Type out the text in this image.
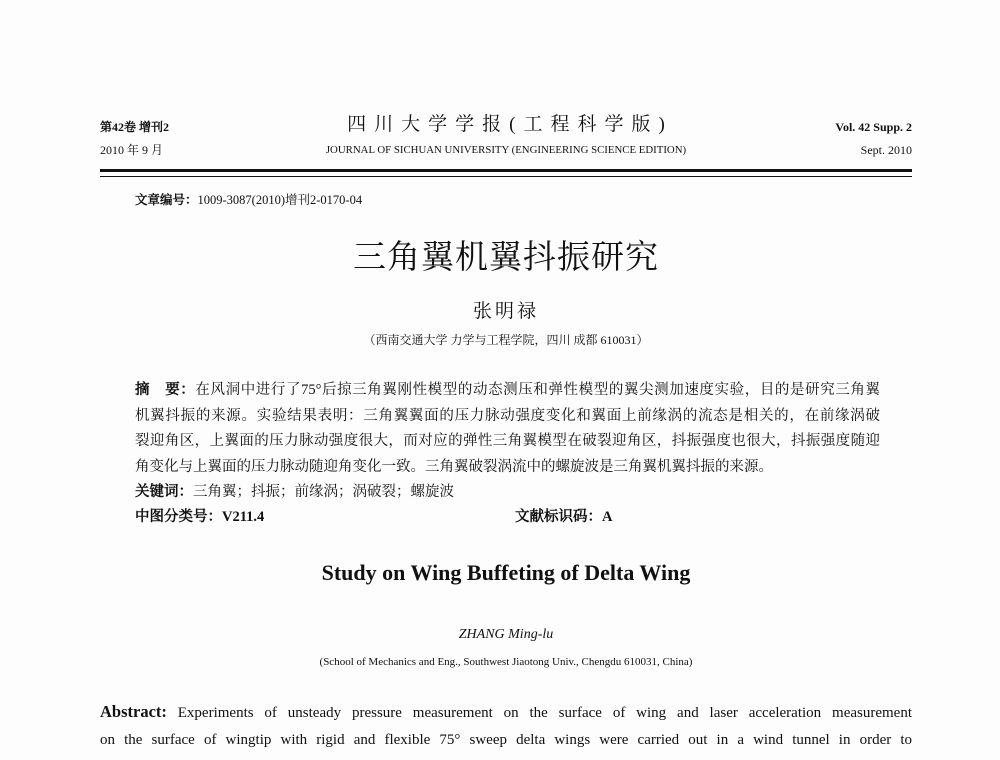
第42卷 增刊2
2010 年 9 月
四川大学学报(工程科学版)
JOURNAL OF SICHUAN UNIVERSITY (ENGINEERING SCIENCE EDITION)
Vol. 42 Supp. 2
Sept. 2010
文章编号：1009-3087(2010)增刊2-0170-04
三角翼机翼抖振研究
张明禄
（西南交通大学 力学与工程学院，四川 成都 610031）
摘　要：在风洞中进行了75°后掠三角翼刚性模型的动态测压和弹性模型的翼尖测加速度实验，目的是研究三角翼
机翼抖振的来源。实验结果表明：三角翼翼面的压力脉动强度变化和翼面上前缘涡的流态是相关的，在前缘涡破
裂迎角区，上翼面的压力脉动强度很大，而对应的弹性三角翼模型在破裂迎角区，抖振强度也很大，抖振强度随迎
角变化与上翼面的压力脉动随迎角变化一致。三角翼破裂涡流中的螺旋波是三角翼机翼抖振的来源。
关键词：三角翼；抖振；前缘涡；涡破裂；螺旋波
中图分类号：V211.4	文献标识码：A
Study on Wing Buffeting of Delta Wing
ZHANG Ming-lu
(School of Mechanics and Eng., Southwest Jiaotong Univ., Chengdu 610031, China)
Abstract: Experiments of unsteady pressure measurement on the surface of wing and laser acceleration measurement
on the surface of wingtip with rigid and flexible 75° sweep delta wings were carried out in a wind tunnel in order to
